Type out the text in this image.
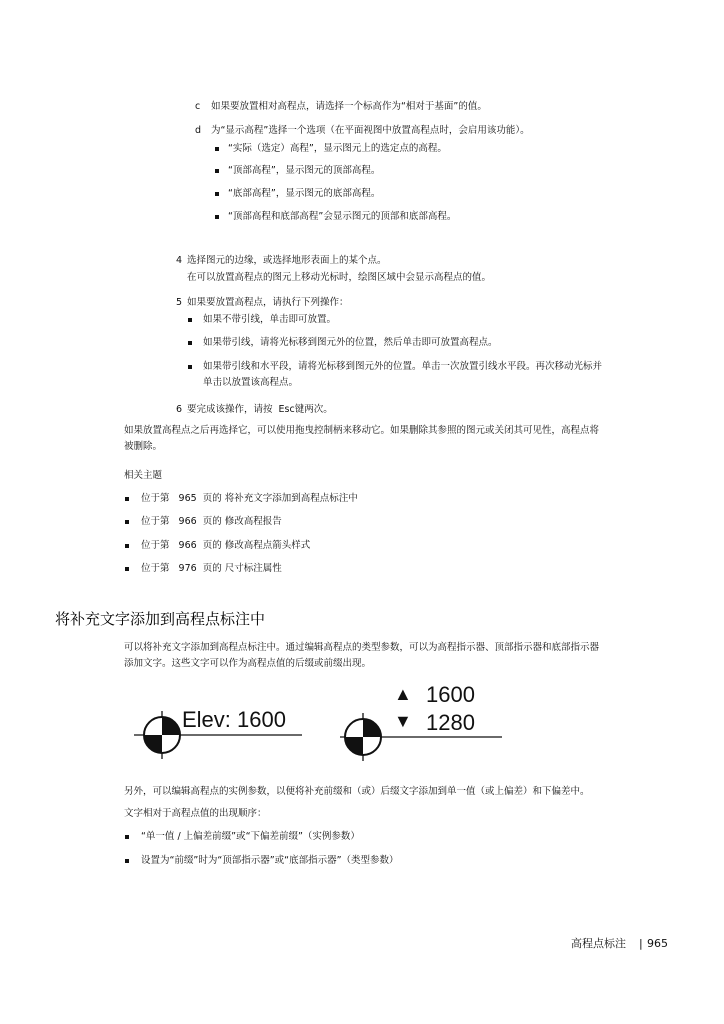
c 如果要放置相对高程点，请选择一个标高作为“相对于基面”的值。
d 为“显示高程”选择一个选项（在平面视图中放置高程点时，会启用该功能）。
“实际（选定）高程”，显示图元上的选定点的高程。
“顶部高程”，显示图元的顶部高程。
“底部高程”，显示图元的底部高程。
“顶部高程和底部高程”会显示图元的顶部和底部高程。
4 选择图元的边缘，或选择地形表面上的某个点。
在可以放置高程点的图元上移动光标时，绘图区域中会显示高程点的值。
5 如果要放置高程点，请执行下列操作：
如果不带引线，单击即可放置。
如果带引线，请将光标移到图元外的位置，然后单击即可放置高程点。
如果带引线和水平段，请将光标移到图元外的位置。单击一次放置引线水平段。再次移动光标并
单击以放置该高程点。
6 要完成该操作，请按  Esc键两次。
如果放置高程点之后再选择它，可以使用拖曳控制柄来移动它。如果删除其参照的图元或关闭其可见性，高程点将
被删除。
相关主题
位于第   965  页的 将补充文字添加到高程点标注中
位于第   966  页的 修改高程报告
位于第   966  页的 修改高程点箭头样式
位于第   976  页的 尺寸标注属性
将补充文字添加到高程点标注中
可以将补充文字添加到高程点标注中。通过编辑高程点的类型参数，可以为高程指示器、顶部指示器和底部指示器
添加文字。这些文字可以作为高程点值的后缀或前缀出现。
Elev: 1600
▲ 1600
▼ 1280
另外，可以编辑高程点的实例参数，以便将补充前缀和（或）后缀文字添加到单一值（或上偏差）和下偏差中。
文字相对于高程点值的出现顺序：
“单一值 / 上偏差前缀”或“下偏差前缀”（实例参数）
设置为“前缀”时为“顶部指示器”或“底部指示器”（类型参数）
高程点标注 | 965
